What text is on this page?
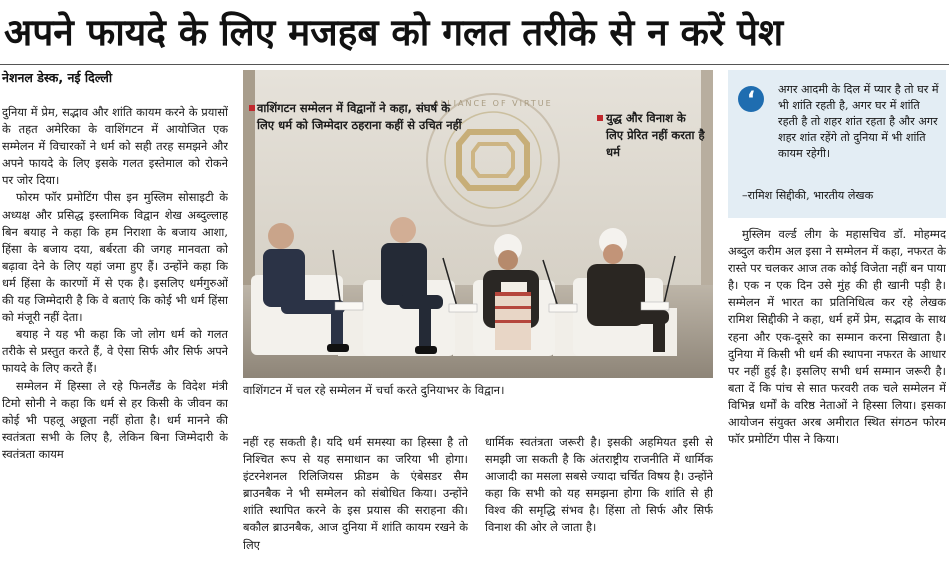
अपने फायदे के लिए मजहब को गलत तरीके से न करें पेश
नेशनल डेस्क, नई दिल्ली

दुनिया में प्रेम, सद्भाव और शांति कायम करने के प्रयासों के तहत अमेरिका के वाशिंगटन में आयोजित एक सम्मेलन में विचारकों ने धर्म को सही तरह समझने और अपने फायदे के लिए इसके गलत इस्तेमाल को रोकने पर जोर दिया।

फोरम फॉर प्रमोटिंग पीस इन मुस्लिम सोसाइटी के अध्यक्ष और प्रसिद्ध इस्लामिक विद्वान शेख अब्दुल्लाह बिन बयाह ने कहा कि हम निराशा के बजाय आशा, हिंसा के बजाय दया, बर्बरता की जगह मानवता को बढ़ावा देने के लिए यहां जमा हुए हैं। उन्होंने कहा कि धर्म हिंसा के कारणों में से एक है। इसलिए धर्मगुरुओं की यह जिम्मेदारी है कि वे बताएं कि कोई भी धर्म हिंसा को मंजूरी नहीं देता।

बयाह ने यह भी कहा कि जो लोग धर्म को गलत तरीके से प्रस्तुत करते हैं, वे ऐसा सिर्फ और सिर्फ अपने फायदे के लिए करते हैं।

सम्मेलन में हिस्सा ले रहे फिनलैंड के विदेश मंत्री टिमो सोनी ने कहा कि धर्म से हर किसी के जीवन का कोई भी पहलू अछूता नहीं होता है। धर्म मानने की स्वतंत्रता सभी के लिए है, लेकिन बिना जिम्मेदारी के स्वतंत्रता कायम

ALLIANCE OF VIRTUE
वाशिंगटन सम्मेलन में विद्वानों ने कहा, संघर्ष के लिए धर्म को जिम्मेदार ठहराना कहीं से उचित नहीं	युद्ध और विनाश के लिए प्रेरित नहीं करता है धर्म
वाशिंगटन में चल रहे सम्मेलन में चर्चा करते दुनियाभर के विद्वान।

नहीं रह सकती है। यदि धर्म समस्या का हिस्सा है तो निश्चित रूप से यह समाधान का जरिया भी होगा। इंटरनेशनल रिलिजियस फ्रीडम के एंबेसडर सैम ब्राउनबैक ने भी सम्मेलन को संबोधित किया। उन्होंने शांति स्थापित करने के इस प्रयास की सराहना की। बकौल ब्राउनबैक, आज दुनिया में शांति कायम रखने के लिए

धार्मिक स्वतंत्रता जरूरी है। इसकी अहमियत इसी से समझी जा सकती है कि अंतराष्ट्रीय राजनीति में धार्मिक आजादी का मसला सबसे ज्यादा चर्चित विषय है। उन्होंने कहा कि सभी को यह समझना होगा कि शांति से ही विश्व की समृद्धि संभव है। हिंसा तो सिर्फ और सिर्फ विनाश की ओर ले जाता है।

‘	अगर आदमी के दिल में प्यार है तो घर में भी शांति रहती है, अगर घर में शांति रहती है तो शहर शांत रहता है और अगर शहर शांत रहेंगे तो दुनिया में भी शांति कायम रहेगी।
–रामिश सिद्दीकी, भारतीय लेखक

मुस्लिम वर्ल्ड लीग के महासचिव डॉ. मोहम्मद अब्दुल करीम अल इसा ने सम्मेलन में कहा, नफरत के रास्ते पर चलकर आज तक कोई विजेता नहीं बन पाया है। एक न एक दिन उसे मुंह की ही खानी पड़ी है। सम्मेलन में भारत का प्रतिनिधित्व कर रहे लेखक रामिश सिद्दीकी ने कहा, धर्म हमें प्रेम, सद्भाव के साथ रहना और एक-दूसरे का सम्मान करना सिखाता है। दुनिया में किसी भी धर्म की स्थापना नफरत के आधार पर नहीं हुई है। इसलिए सभी धर्म सम्मान जरूरी है। बता दें कि पांच से सात फरवरी तक चले सम्मेलन में विभिन्न धर्मों के वरिष्ठ नेताओं ने हिस्सा लिया। इसका आयोजन संयुक्त अरब अमीरात स्थित संगठन फोरम फॉर प्रमोटिंग पीस ने किया।
